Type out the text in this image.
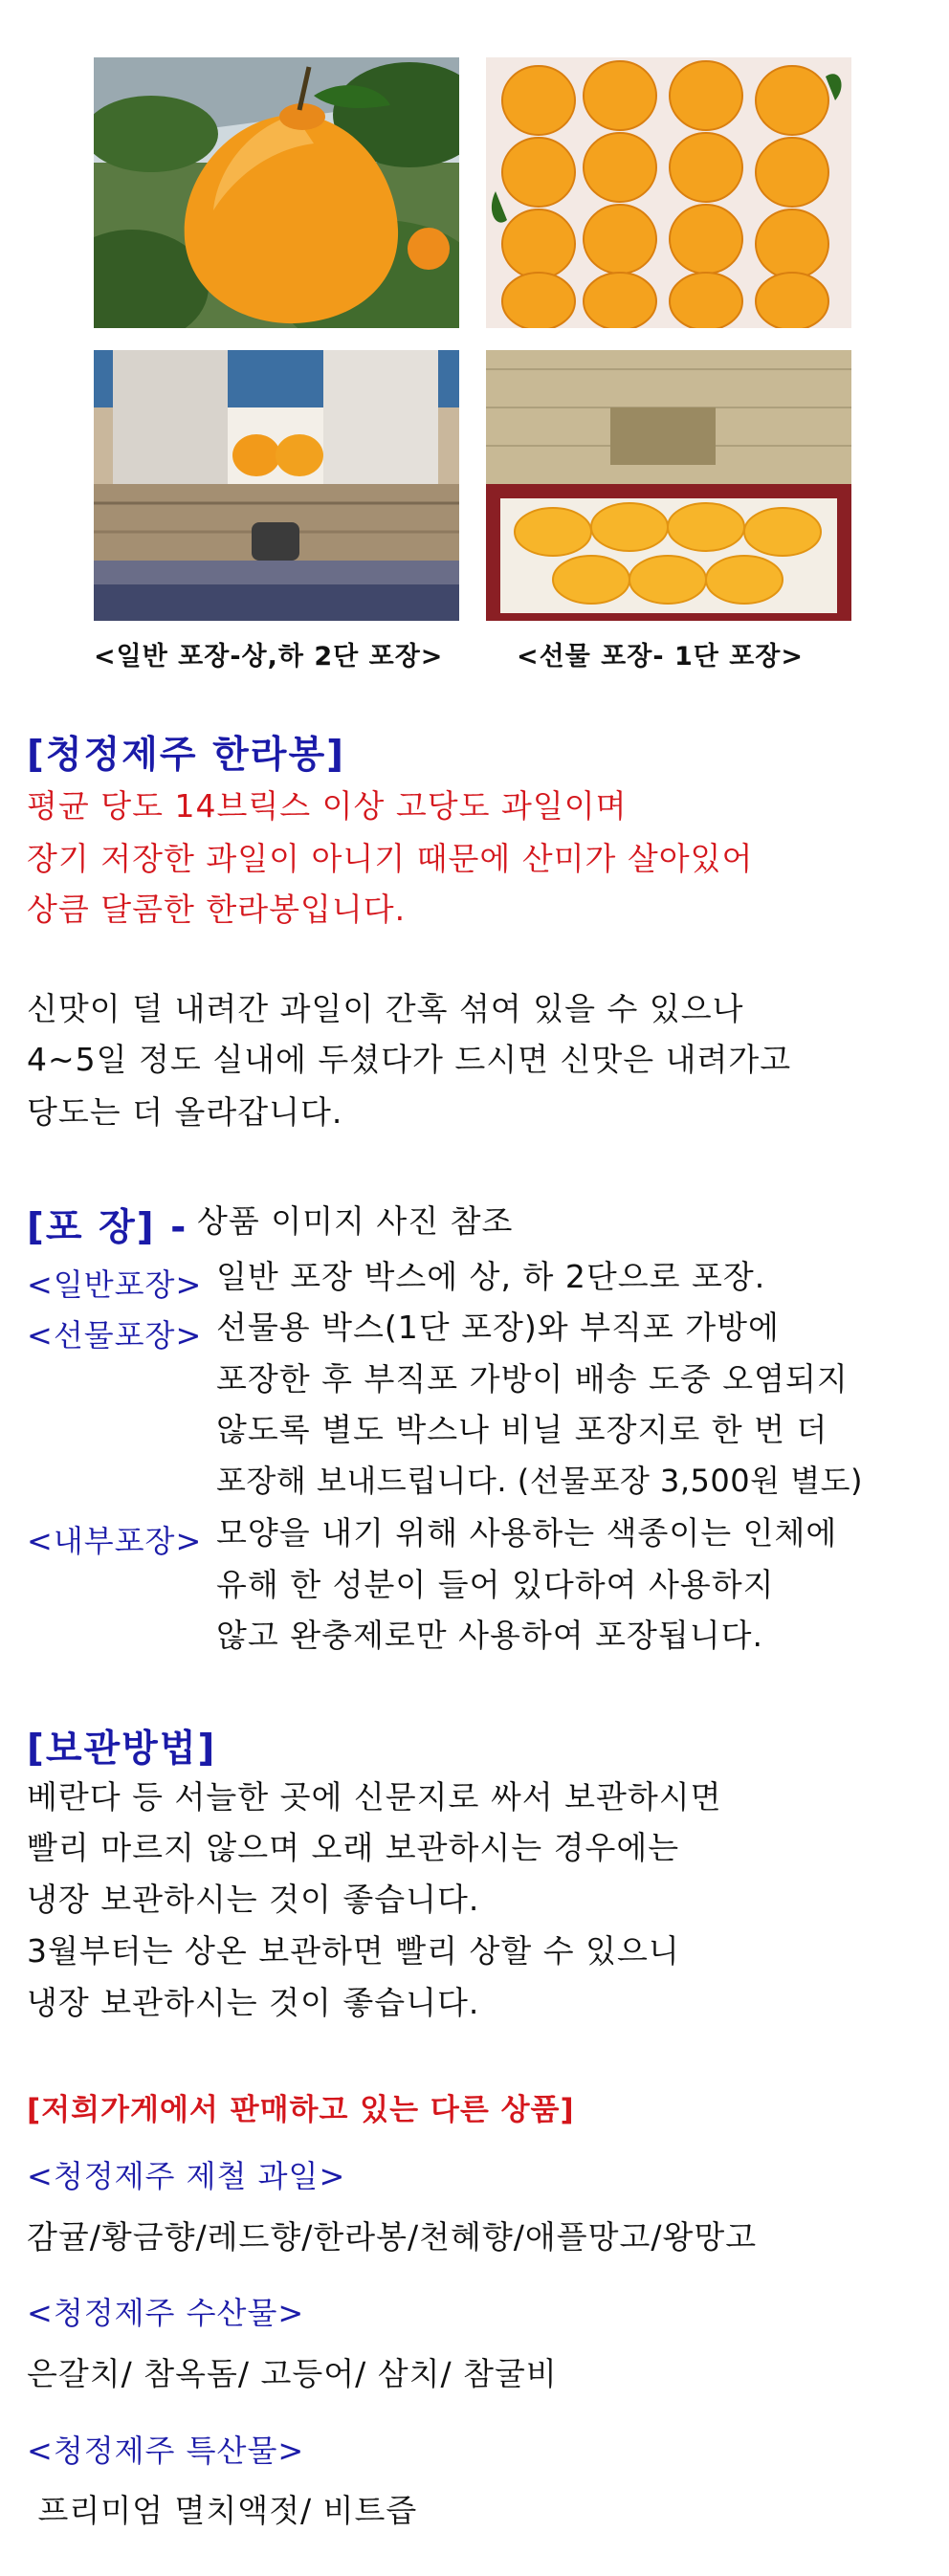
<일반 포장-상,하 2단 포장>	<선물 포장- 1단 포장>
[청정제주 한라봉]
평균 당도 14브릭스 이상 고당도 과일이며
장기 저장한 과일이 아니기 때문에 산미가 살아있어
상큼 달콤한 한라봉입니다.
신맛이 덜 내려간 과일이 간혹 섞여 있을 수 있으나
4~5일 정도 실내에 두셨다가 드시면 신맛은 내려가고
당도는 더 올라갑니다.
[포 장] - 상품 이미지 사진 참조
<일반포장> 일반 포장 박스에 상, 하 2단으로 포장.
<선물포장> 선물용 박스(1단 포장)와 부직포 가방에
포장한 후 부직포 가방이 배송 도중 오염되지
않도록 별도 박스나 비닐 포장지로 한 번 더
포장해 보내드립니다. (선물포장 3,500원 별도)
<내부포장> 모양을 내기 위해 사용하는 색종이는 인체에
유해 한 성분이 들어 있다하여 사용하지
않고 완충제로만 사용하여 포장됩니다.
[보관방법]
베란다 등 서늘한 곳에 신문지로 싸서 보관하시면
빨리 마르지 않으며 오래 보관하시는 경우에는
냉장 보관하시는 것이 좋습니다.
3월부터는 상온 보관하면 빨리 상할 수 있으니
냉장 보관하시는 것이 좋습니다.
[저희가게에서 판매하고 있는 다른 상품]
<청정제주 제철 과일>
감귤/황금향/레드향/한라봉/천혜향/애플망고/왕망고
<청정제주 수산물>
은갈치/ 참옥돔/ 고등어/ 삼치/ 참굴비
<청정제주 특산물>
프리미엄 멸치액젓/ 비트즙
